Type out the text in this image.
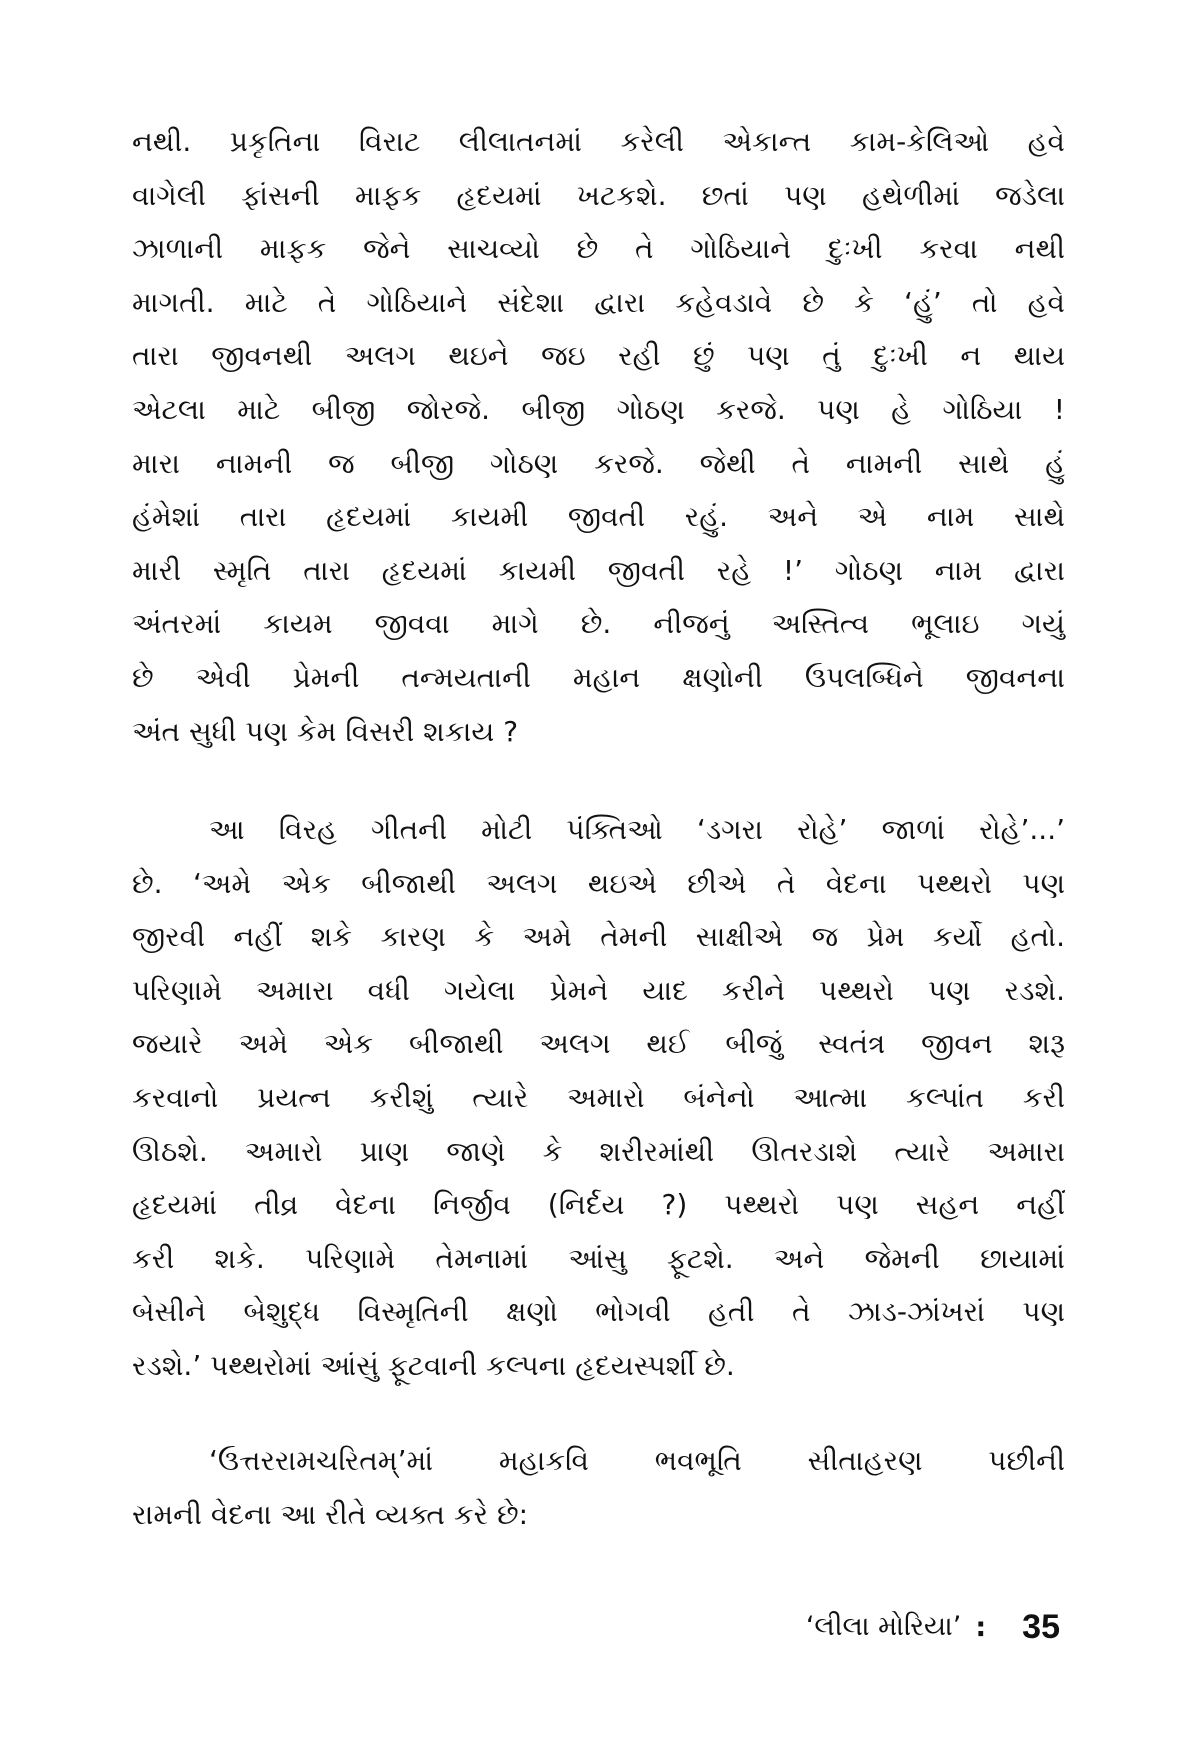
નથી. પ્રકૃતિના વિરાટ લીલાતનમાં કરેલી એકાન્ત કામ-કેલિઓ હવે
વાગેલી ફાંસની માફક હૃદયમાં ખટકશે. છતાં પણ હથેળીમાં જડેલા
ઝાળાની માફક જેને સાચવ્યો છે તે ગોઠિયાને દુઃખી કરવા નથી
માગતી. માટે તે ગોઠિયાને સંદેશા દ્વારા કહેવડાવે છે કે ‘હું’ તો હવે
તારા જીવનથી અલગ થઇને જઇ રહી છું પણ તું દુઃખી ન થાય
એટલા માટે બીજી જોરજે. બીજી ગોઠણ કરજે. પણ હે ગોઠિયા !
મારા નામની જ બીજી ગોઠણ કરજે. જેથી તે નામની સાથે હું
હંમેશાં તારા હૃદયમાં કાયમી જીવતી રહું. અને એ નામ સાથે
મારી સ્મૃતિ તારા હૃદયમાં કાયમી જીવતી રહે !’ ગોઠણ નામ દ્વારા
અંતરમાં કાયમ જીવવા માગે છે. નીજનું અસ્તિત્વ ભૂલાઇ ગયું
છે એવી પ્રેમની તન્મયતાની મહાન ક્ષણોની ઉપલબ્ધિને જીવનના
અંત સુધી પણ કેમ વિસરી શકાય ?
આ વિરહ ગીતની મોટી પંક્તિઓ ‘ડગરા રોહે’ જાળાં રોહે’...’
છે. ‘અમે એક બીજાથી અલગ થઇએ છીએ તે વેદના પથ્થરો પણ
જીરવી નહીં શકે કારણ કે અમે તેમની સાક્ષીએ જ પ્રેમ કર્યો હતો.
પરિણામે અમારા વધી ગયેલા પ્રેમને યાદ કરીને પથ્થરો પણ રડશે.
જયારે અમે એક બીજાથી અલગ થઈ બીજું સ્વતંત્ર જીવન શરૂ
કરવાનો પ્રયત્ન કરીશું ત્યારે અમારો બંનેનો આત્મા કલ્પાંત કરી
ઊઠશે. અમારો પ્રાણ જાણે કે શરીરમાંથી ઊતરડાશે ત્યારે અમારા
હૃદયમાં તીવ્ર વેદના નિર્જીવ (નિર્દય ?) પથ્થરો પણ સહન નહીં
કરી શકે. પરિણામે તેમનામાં આંસુ ફૂટશે. અને જેમની છાયામાં
બેસીને બેશુદ્ધ વિસ્મૃતિની ક્ષણો ભોગવી હતી તે ઝાડ-ઝાંખરાં પણ
રડશે.’ પથ્થરોમાં આંસું ફૂટવાની કલ્પના હૃદયસ્પર્શી છે.
‘ઉત્તરરામચરિતમ્’માં મહાકવિ ભવભૂતિ સીતાહરણ પછીની
રામની વેદના આ રીતે વ્યક્ત કરે છે:
‘લીલા મોરિયા’ : 35
